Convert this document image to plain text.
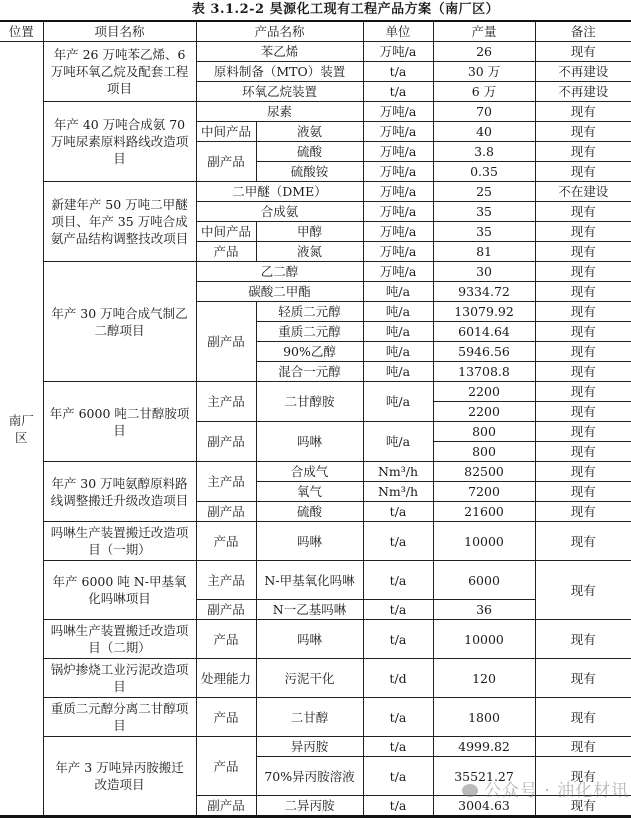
表 3.1.2-2 昊源化工现有工程产品方案（南厂区）
位置	项目名称	产品名称		单位	产量	备注
南厂区	年产 26 万吨苯乙烯、6 万吨环氧乙烷及配套工程项目	苯乙烯		万吨/a	26	现有
		原料制备（MTO）装置		t/a	30 万	不再建设
		环氧乙烷装置		t/a	6 万	不再建设
	年产 40 万吨合成氨 70 万吨尿素原料路线改造项目	尿素		万吨/a	70	现有
		中间产品	液氨	万吨/a	40	现有

		副产品	硫酸	万吨/a	3.8	现有
			硫酸铵	万吨/a	0.35	现有
	新建年产 50 万吨二甲醚项目、年产 35 万吨合成氨产品结构调整技改项目	二甲醚（DME）		万吨/a	25	不在建设
		合成氨		万吨/a	35	现有
		中间产品	甲醇	万吨/a	35	现有

		产品	液氮	万吨/a	81	现有
	年产 30 万吨合成气制乙二醇项目	乙二醇		万吨/a	30	现有
		碳酸二甲酯		吨/a	9334.72	现有
		副产品	轻质二元醇	吨/a	13079.92	现有
			重质二元醇	吨/a	6014.64	现有
			90%乙醇	吨/a	5946.56	现有
			混合一元醇	吨/a	13708.8	现有
	年产 6000 吨二甘醇胺项目	主产品	二甘醇胺	吨/a	2200	现有
					2200	现有
		副产品	吗啉	吨/a	800	现有
					800	现有
	年产 30 万吨氨醇原料路线调整搬迁升级改造项目	主产品	合成气	Nm³/h	82500	现有
			氧气	Nm³/h	7200	现有
		副产品	硫酸	t/a	21600	现有
	吗啉生产装置搬迁改造项目（一期）	产品	吗啉	t/a	10000	现有
	年产 6000 吨 N-甲基氧化吗啉项目	主产品	N-甲基氧化吗啉	t/a	6000	现有
		副产品	N一乙基吗啉	t/a	36	
	吗啉生产装置搬迁改造项目（二期）	产品	吗啉	t/a	10000	现有
	锅炉掺烧工业污泥改造项目	处理能力	污泥干化	t/d	120	现有
	重质二元醇分离二甘醇项目	产品	二甘醇	t/a	1800	现有
	年产 3 万吨异丙胺搬迁改造项目	产品	异丙胺	t/a	4999.82	现有
			70%异丙胺溶液	t/a	35521.27	现有
		副产品	二异丙胺	t/a	3004.63	现有
公众号 · 油化材讯
